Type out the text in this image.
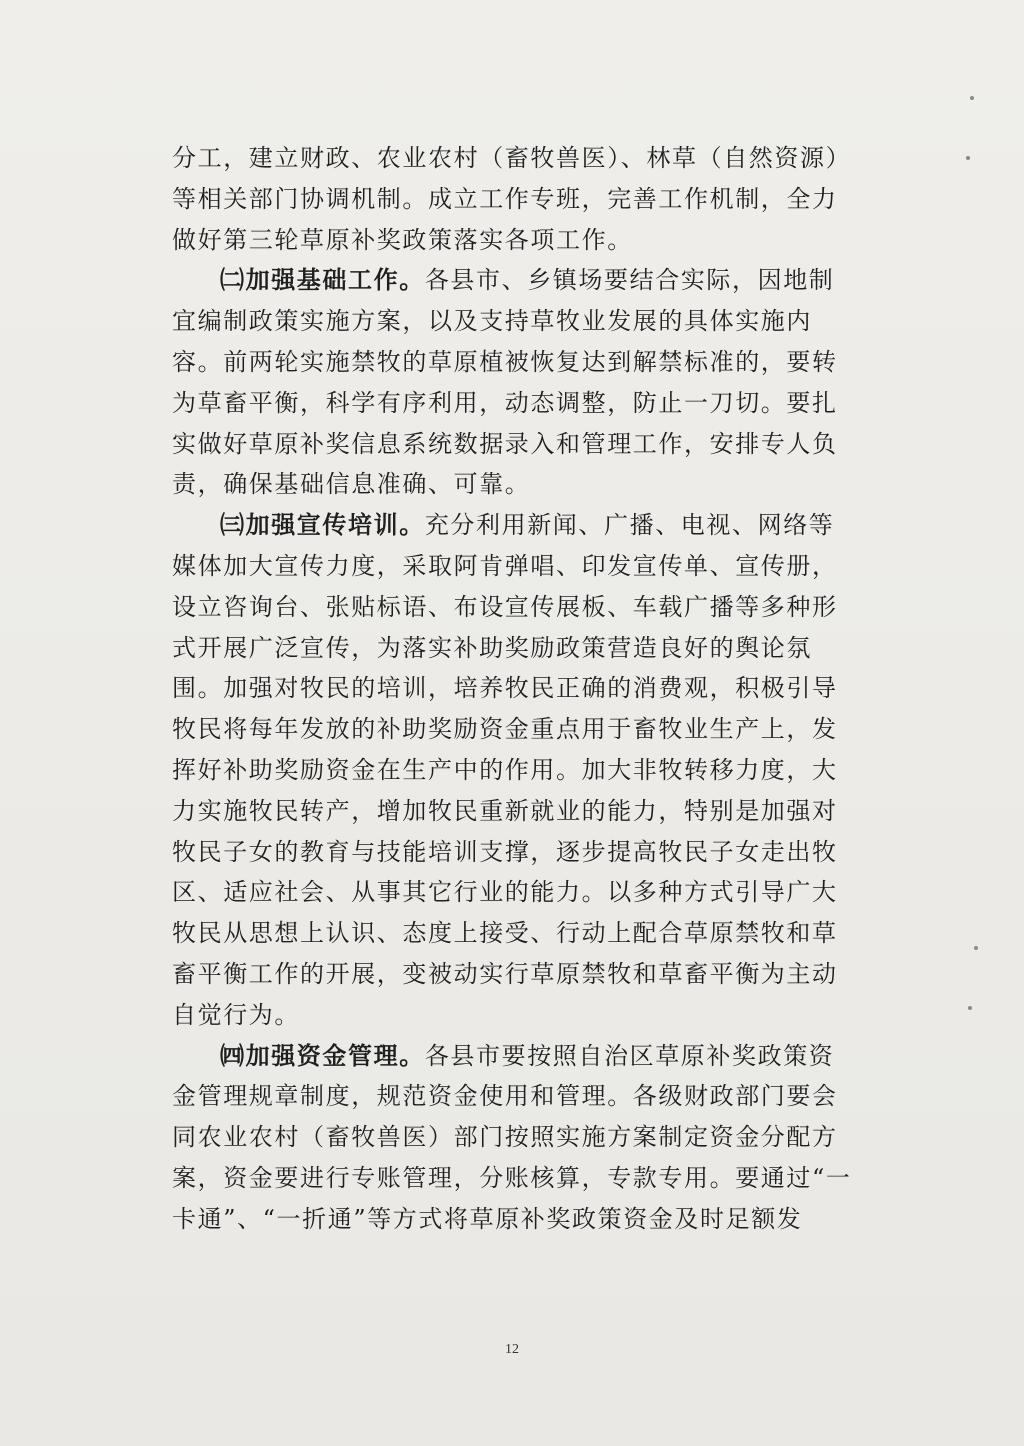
分工，建立财政、农业农村（畜牧兽医）、林草（自然资源）
等相关部门协调机制。成立工作专班，完善工作机制，全力
做好第三轮草原补奖政策落实各项工作。
㈡加强基础工作。各县市、乡镇场要结合实际，因地制
宜编制政策实施方案，以及支持草牧业发展的具体实施内
容。前两轮实施禁牧的草原植被恢复达到解禁标准的，要转
为草畜平衡，科学有序利用，动态调整，防止一刀切。要扎
实做好草原补奖信息系统数据录入和管理工作，安排专人负
责，确保基础信息准确、可靠。
㈢加强宣传培训。充分利用新闻、广播、电视、网络等
媒体加大宣传力度，采取阿肯弹唱、印发宣传单、宣传册，
设立咨询台、张贴标语、布设宣传展板、车载广播等多种形
式开展广泛宣传，为落实补助奖励政策营造良好的舆论氛
围。加强对牧民的培训，培养牧民正确的消费观，积极引导
牧民将每年发放的补助奖励资金重点用于畜牧业生产上，发
挥好补助奖励资金在生产中的作用。加大非牧转移力度，大
力实施牧民转产，增加牧民重新就业的能力，特别是加强对
牧民子女的教育与技能培训支撑，逐步提高牧民子女走出牧
区、适应社会、从事其它行业的能力。以多种方式引导广大
牧民从思想上认识、态度上接受、行动上配合草原禁牧和草
畜平衡工作的开展，变被动实行草原禁牧和草畜平衡为主动
自觉行为。
㈣加强资金管理。各县市要按照自治区草原补奖政策资
金管理规章制度，规范资金使用和管理。各级财政部门要会
同农业农村（畜牧兽医）部门按照实施方案制定资金分配方
案，资金要进行专账管理，分账核算，专款专用。要通过“一
卡通”、“一折通”等方式将草原补奖政策资金及时足额发
12
